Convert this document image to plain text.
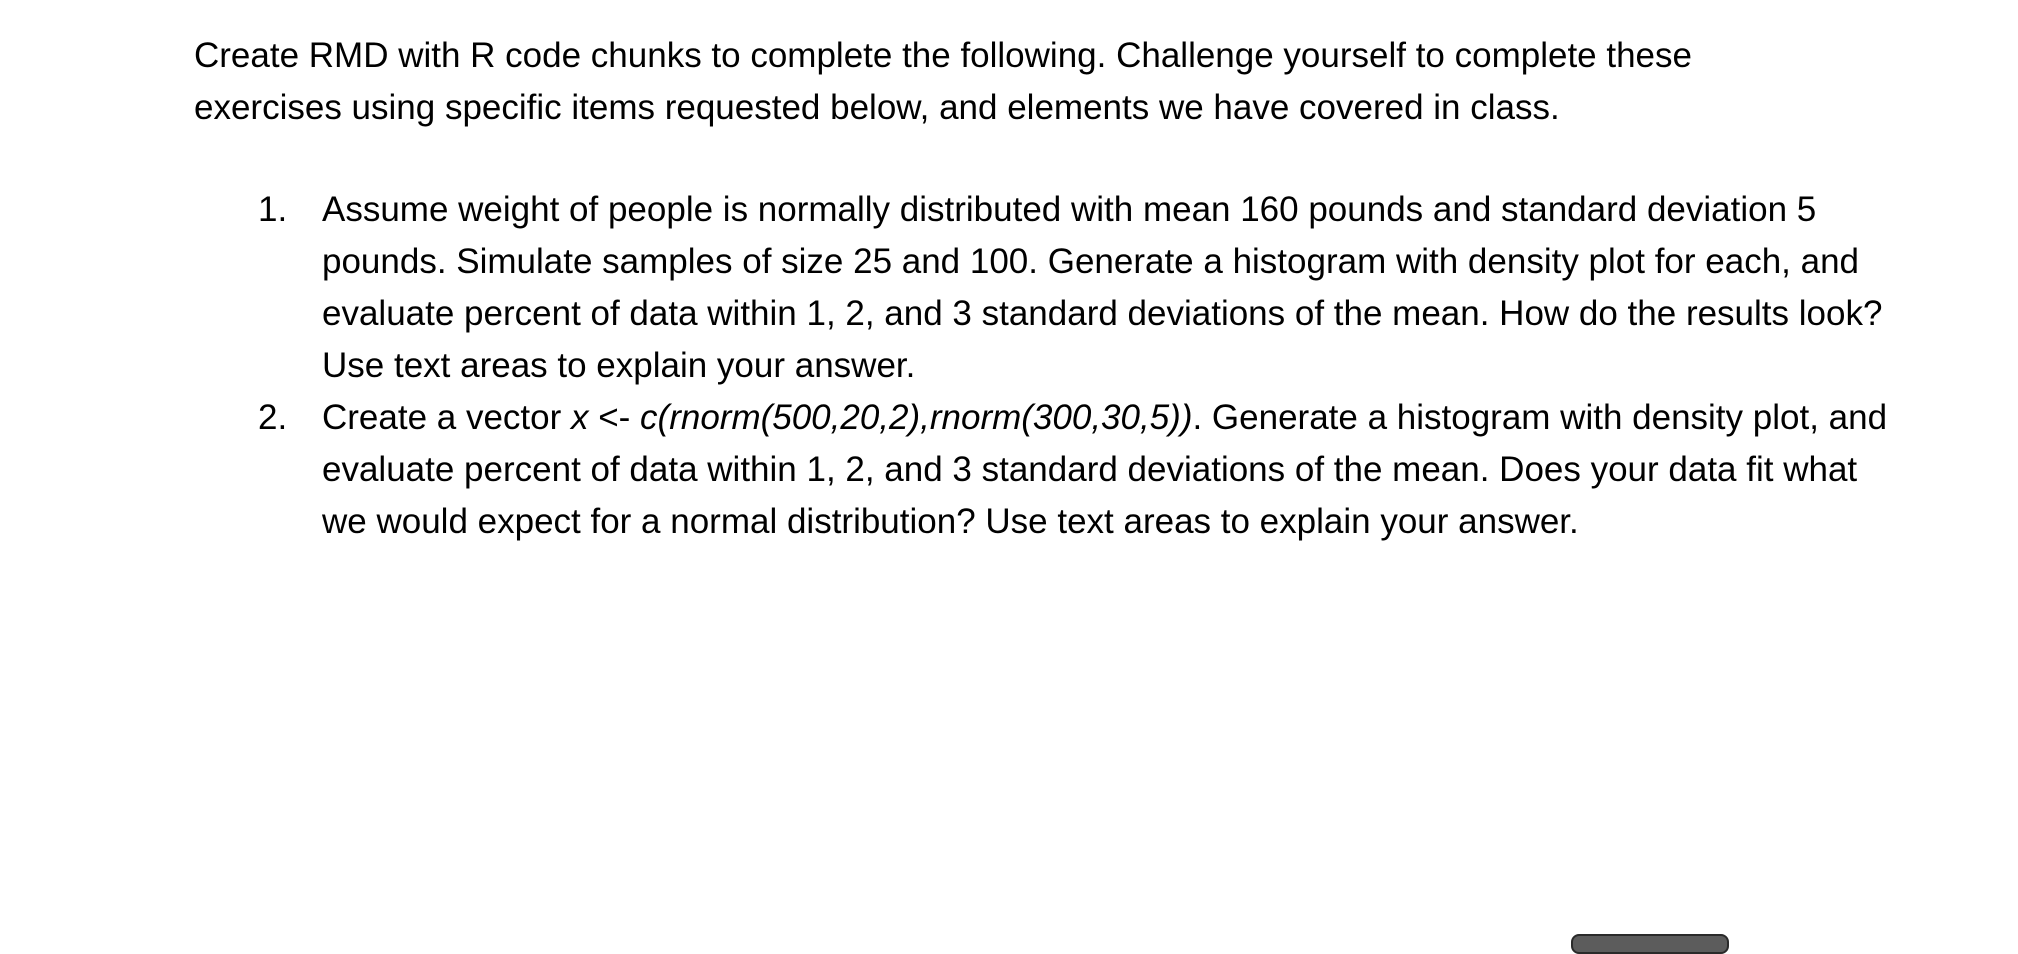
Create RMD with R code chunks to complete the following. Challenge yourself to complete these
exercises using specific items requested below, and elements we have covered in class.

1. Assume weight of people is normally distributed with mean 160 pounds and standard deviation 5 pounds. Simulate samples of size 25 and 100. Generate a histogram with density plot for each, and evaluate percent of data within 1, 2, and 3 standard deviations of the mean. How do the results look? Use text areas to explain your answer.
2. Create a vector x <- c(rnorm(500,20,2),rnorm(300,30,5)). Generate a histogram with density plot, and evaluate percent of data within 1, 2, and 3 standard deviations of the mean. Does your data fit what we would expect for a normal distribution? Use text areas to explain your answer.
